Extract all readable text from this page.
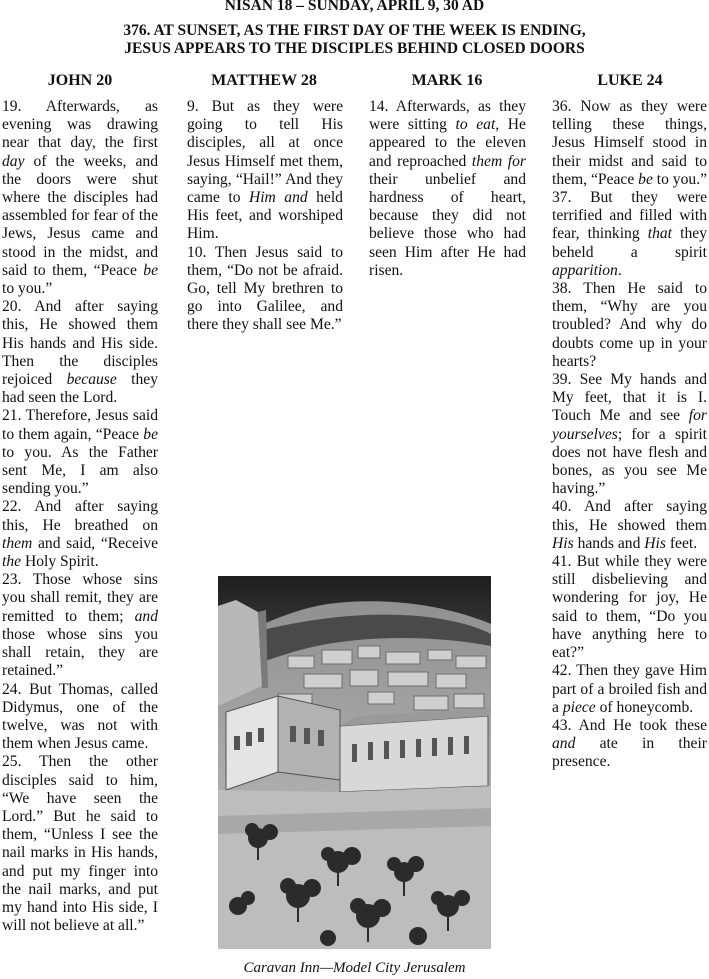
NISAN 18 – SUNDAY, APRIL 9, 30 AD
376. AT SUNSET, AS THE FIRST DAY OF THE WEEK IS ENDING,
JESUS APPEARS TO THE DISCIPLES BEHIND CLOSED DOORS
JOHN 20	MATTHEW 28	MARK 16	LUKE 24

19. Afterwards, as evening was drawing near that day, the first day of the weeks, and the doors were shut where the disciples had assembled for fear of the Jews, Jesus came and stood in the midst, and said to them, “Peace be to you.”

20. And after saying this, He showed them His hands and His side. Then the disciples rejoiced because they had seen the Lord.

21. Therefore, Jesus said to them again, “Peace be to you. As the Father sent Me, I am also sending you.”

22. And after saying this, He breathed on them and said, “Receive the Holy Spirit.

23. Those whose sins you shall remit, they are remitted to them; and those whose sins you shall retain, they are retained.”

24. But Thomas, called Didymus, one of the twelve, was not with them when Jesus came.

25. Then the other disciples said to him, “We have seen the Lord.” But he said to them, “Unless I see the nail marks in His hands, and put my finger into the nail marks, and put my hand into His side, I will not believe at all.”

9. But as they were going to tell His disciples, all at once Jesus Himself met them, saying, “Hail!” And they came to Him and held His feet, and worshiped Him.

10. Then Jesus said to them, “Do not be afraid. Go, tell My brethren to go into Galilee, and there they shall see Me.”

14. Afterwards, as they were sitting to eat, He appeared to the eleven and reproached them for their unbelief and hardness of heart, because they did not believe those who had seen Him after He had risen.

36. Now as they were telling these things, Jesus Himself stood in their midst and said to them, “Peace be to you.”

37. But they were terrified and filled with fear, thinking that they beheld a spirit apparition.

38. Then He said to them, “Why are you troubled? And why do doubts come up in your hearts?

39. See My hands and My feet, that it is I. Touch Me and see for yourselves; for a spirit does not have flesh and bones, as you see Me having.”

40. And after saying this, He showed them His hands and His feet.

41. But while they were still disbelieving and wondering for joy, He said to them, “Do you have anything here to eat?”

42. Then they gave Him part of a broiled fish and a piece of honeycomb.

43. And He took these and ate in their presence.

Caravan Inn—Model City Jerusalem
